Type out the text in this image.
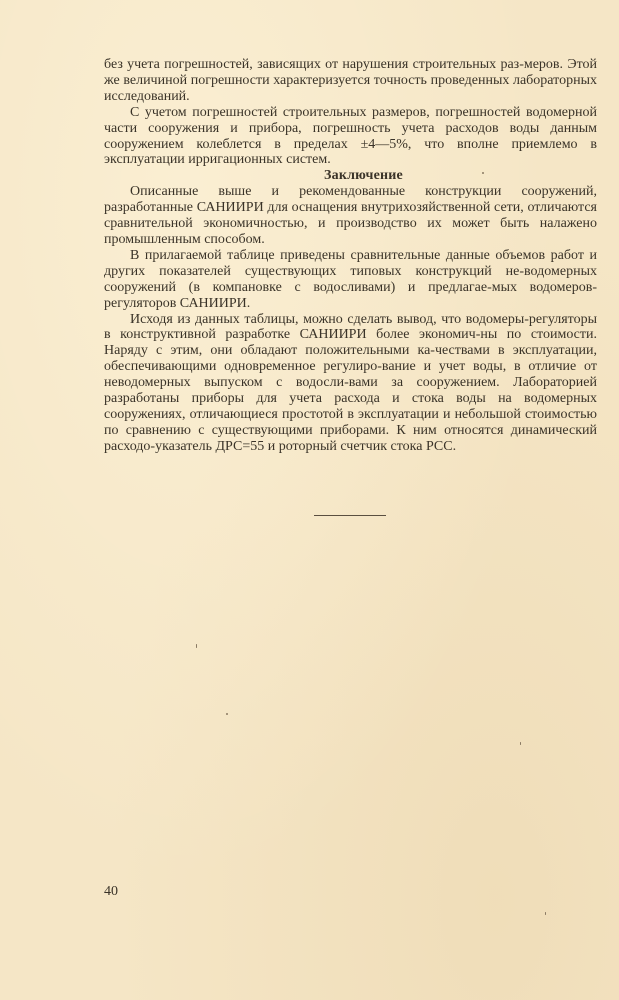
без учета погрешностей, зависящих от нарушения строительных раз-меров. Этой же величиной погрешности характеризуется точность проведенных лабораторных исследований.

С учетом погрешностей строительных размеров, погрешностей водомерной части сооружения и прибора, погрешность учета расходов воды данным сооружением колеблется в пределах ±4—5%, что вполне приемлемо в эксплуатации ирригационных систем.

Заключение

Описанные выше и рекомендованные конструкции сооружений, разработанные САНИИРИ для оснащения внутрихозяйственной сети, отличаются сравнительной экономичностью, и производство их может быть налажено промышленным способом.

В прилагаемой таблице приведены сравнительные данные объемов работ и других показателей существующих типовых конструкций не-водомерных сооружений (в компановке с водосливами) и предлагае-мых водомеров-регуляторов САНИИРИ.

Исходя из данных таблицы, можно сделать вывод, что водомеры-регуляторы в конструктивной разработке САНИИРИ более экономич-ны по стоимости. Наряду с этим, они обладают положительными ка-чествами в эксплуатации, обеспечивающими одновременное регулиро-вание и учет воды, в отличие от неводомерных выпуском с водосли-вами за сооружением. Лабораторией разработаны приборы для учета расхода и стока воды на водомерных сооружениях, отличающиеся простотой в эксплуатации и небольшой стоимостью по сравнению с существующими приборами. К ним относятся динамический расходо-указатель ДРС=55 и роторный счетчик стока РСС.

40
